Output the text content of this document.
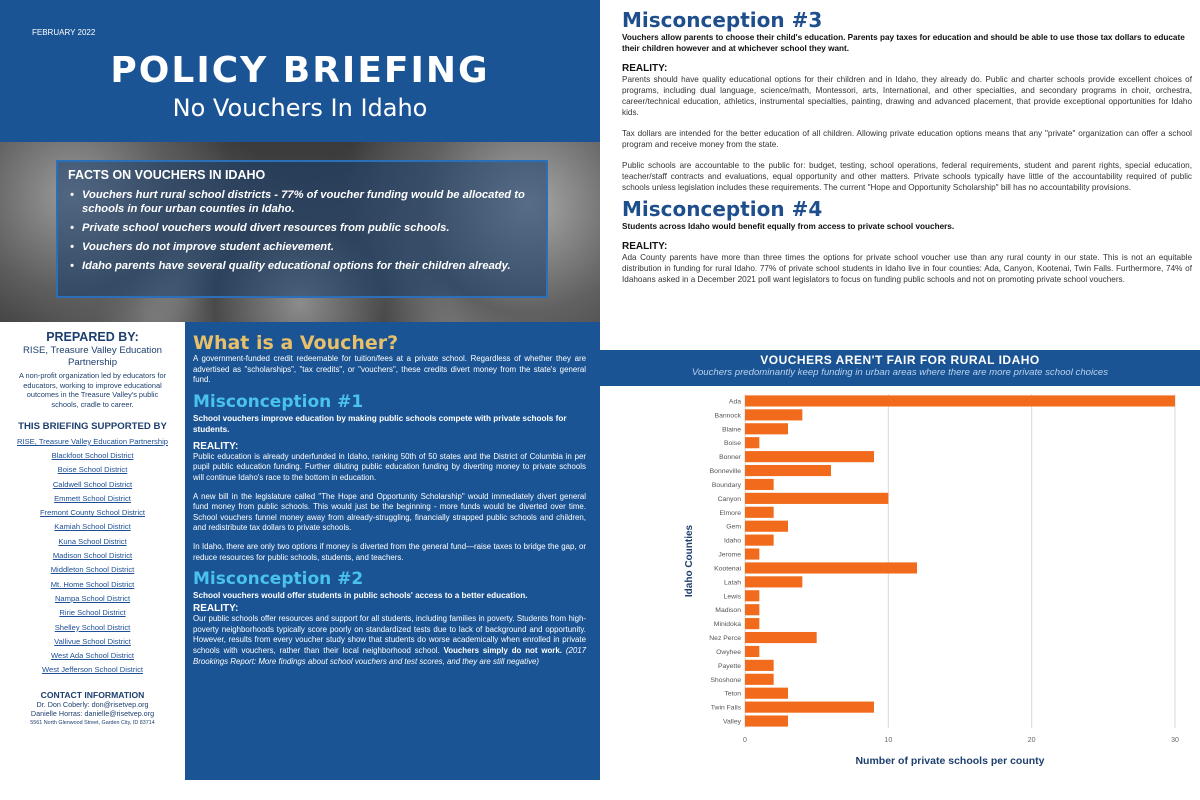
FEBRUARY 2022
POLICY BRIEFING
No Vouchers In Idaho
FACTS ON VOUCHERS IN IDAHO
• Vouchers hurt rural school districts - 77% of voucher funding would be allocated to schools in four urban counties in Idaho.
• Private school vouchers would divert resources from public schools.
• Vouchers do not improve student achievement.
• Idaho parents have several quality educational options for their children already.
PREPARED BY:
RISE, Treasure Valley Education Partnership
A non-profit organization led by educators for educators, working to improve educational outcomes in the Treasure Valley's public schools, cradle to career.
THIS BRIEFING SUPPORTED BY
RISE, Treasure Valley Education Partnership
Blackfoot School District
Boise School District
Caldwell School District
Emmett School District
Fremont County School District
Kamiah School District
Kuna School District
Madison School District
Middleton School District
Mt. Home School District
Nampa School District
Ririe School District
Shelley School District
Vallivue School District
West Ada School District
West Jefferson School District
CONTACT INFORMATION
Dr. Don Coberly: don@risetvep.org
Danielle Horras: danielle@risetvep.org
5561 North Glenwood Street, Garden City, ID 83714
What is a Voucher?

A government-funded credit redeemable for tuition/fees at a private school. Regardless of whether they are advertised as "scholarships", "tax credits", or "vouchers", these credits divert money from the state's general fund.

Misconception #1

School vouchers improve education by making public schools compete with private schools for students.

REALITY:

Public education is already underfunded in Idaho, ranking 50th of 50 states and the District of Columbia in per pupil public education funding. Further diluting public education funding by diverting money to private schools will continue Idaho's race to the bottom in education.

A new bill in the legislature called "The Hope and Opportunity Scholarship" would immediately divert general fund money from public schools. This would just be the beginning - more funds would be diverted over time. School vouchers funnel money away from already-struggling, financially strapped public schools and children, and redistribute tax dollars to private schools.

In Idaho, there are only two options if money is diverted from the general fund—raise taxes to bridge the gap, or reduce resources for public schools, students, and teachers.

Misconception #2

School vouchers would offer students in public schools' access to a better education.

REALITY:

Our public schools offer resources and support for all students, including families in poverty. Students from high-poverty neighborhoods typically score poorly on standardized tests due to lack of background and opportunity. However, results from every voucher study show that students do worse academically when enrolled in private schools with vouchers, rather than their local neighborhood school. Vouchers simply do not work. (2017 Brookings Report: More findings about school vouchers and test scores, and they are still negative)

Misconception #3

Vouchers allow parents to choose their child's education. Parents pay taxes for education and should be able to use those tax dollars to educate their children however and at whichever school they want.

REALITY:

Parents should have quality educational options for their children and in Idaho, they already do. Public and charter schools provide excellent choices of programs, including dual language, science/math, Montessori, arts, International, and other specialties, and secondary programs in choir, orchestra, career/technical education, athletics, instrumental specialties, painting, drawing and advanced placement, that provide exceptional opportunities for Idaho kids.

Tax dollars are intended for the better education of all children. Allowing private education options means that any "private" organization can offer a school program and receive money from the state.

Public schools are accountable to the public for: budget, testing, school operations, federal requirements, student and parent rights, special education, teacher/staff contracts and evaluations, equal opportunity and other matters. Private schools typically have little of the accountability required of public schools unless legislation includes these requirements. The current "Hope and Opportunity Scholarship" bill has no accountability provisions.

Misconception #4

Students across Idaho would benefit equally from access to private school vouchers.

REALITY:

Ada County parents have more than three times the options for private school voucher use than any rural county in our state. This is not an equitable distribution in funding for rural Idaho. 77% of private school students in Idaho live in four counties: Ada, Canyon, Kootenai, Twin Falls. Furthermore, 74% of Idahoans asked in a December 2021 poll want legislators to focus on funding public schools and not on promoting private school vouchers.

VOUCHERS AREN'T FAIR FOR RURAL IDAHO
Vouchers predominantly keep funding in urban areas where there are more private school choices
0	10	20	30
Ada
Bannock
Blaine
Boise
Bonner
Bonneville
Boundary
Canyon
Elmore
Gem
Idaho
Jerome
Kootenai
Latah
Lewis
Madison
Minidoka
Nez Perce
Owyhee
Payette
Shoshone
Teton
Twin Falls
Valley
Number of private schools per county
Idaho Counties
